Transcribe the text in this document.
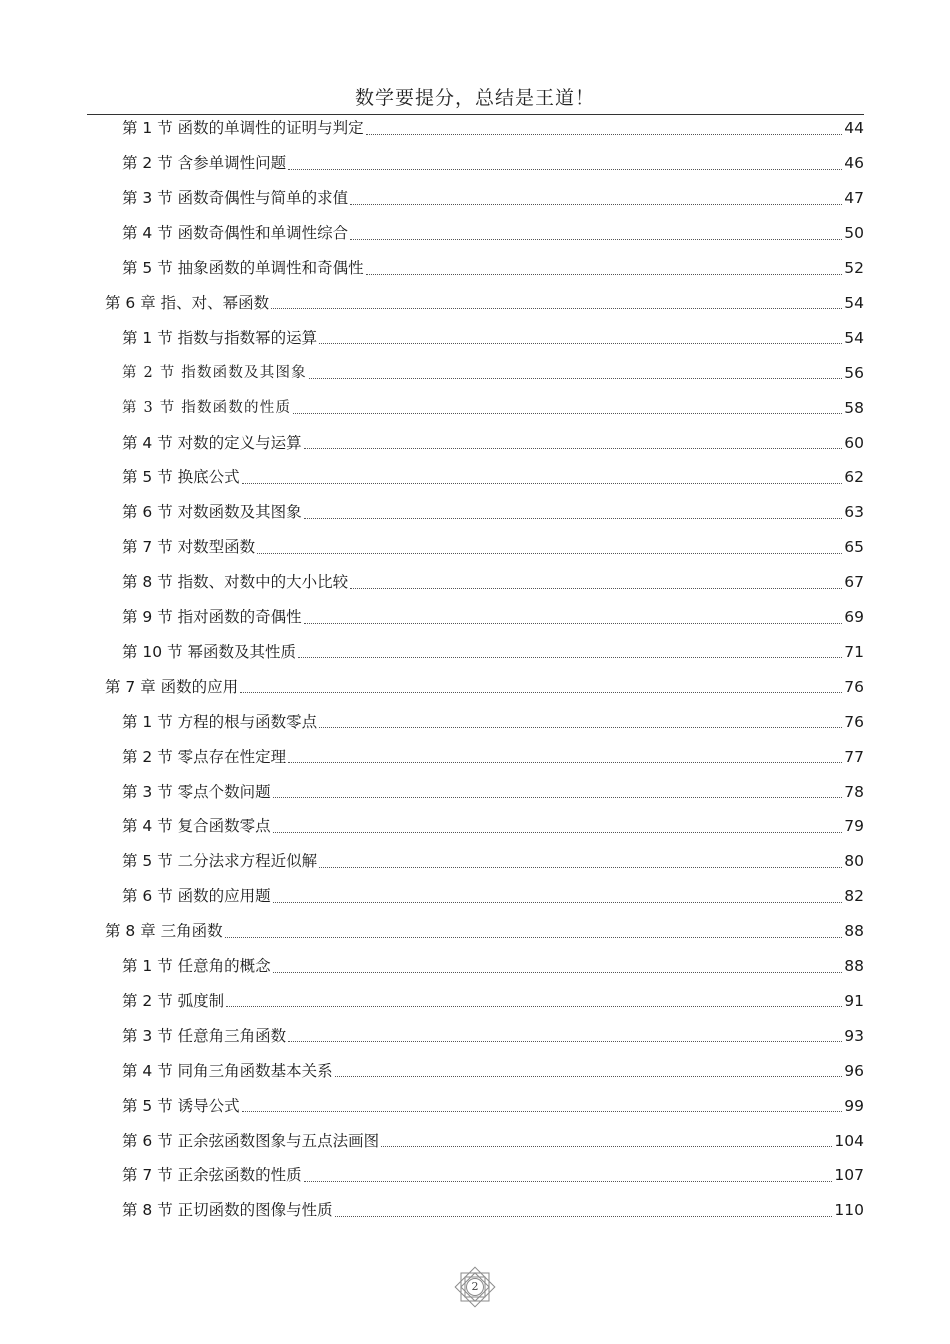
数学要提分，总结是王道！
第 1 节 函数的单调性的证明与判定	44
第 2 节 含参单调性问题	46
第 3 节 函数奇偶性与简单的求值	47
第 4 节 函数奇偶性和单调性综合	50
第 5 节 抽象函数的单调性和奇偶性	52
第 6 章 指、对、幂函数	54
第 1 节 指数与指数幂的运算	54
第 2 节 指数函数及其图象	56
第 3 节 指数函数的性质	58
第 4 节 对数的定义与运算	60
第 5 节 换底公式	62
第 6 节 对数函数及其图象	63
第 7 节 对数型函数	65
第 8 节 指数、对数中的大小比较	67
第 9 节 指对函数的奇偶性	69
第 10 节 幂函数及其性质	71
第 7 章 函数的应用	76
第 1 节 方程的根与函数零点	76
第 2 节 零点存在性定理	77
第 3 节 零点个数问题	78
第 4 节 复合函数零点	79
第 5 节 二分法求方程近似解	80
第 6 节 函数的应用题	82
第 8 章 三角函数	88
第 1 节 任意角的概念	88
第 2 节 弧度制	91
第 3 节 任意角三角函数	93
第 4 节 同角三角函数基本关系	96
第 5 节 诱导公式	99
第 6 节 正余弦函数图象与五点法画图	104
第 7 节 正余弦函数的性质	107
第 8 节 正切函数的图像与性质	110
2
